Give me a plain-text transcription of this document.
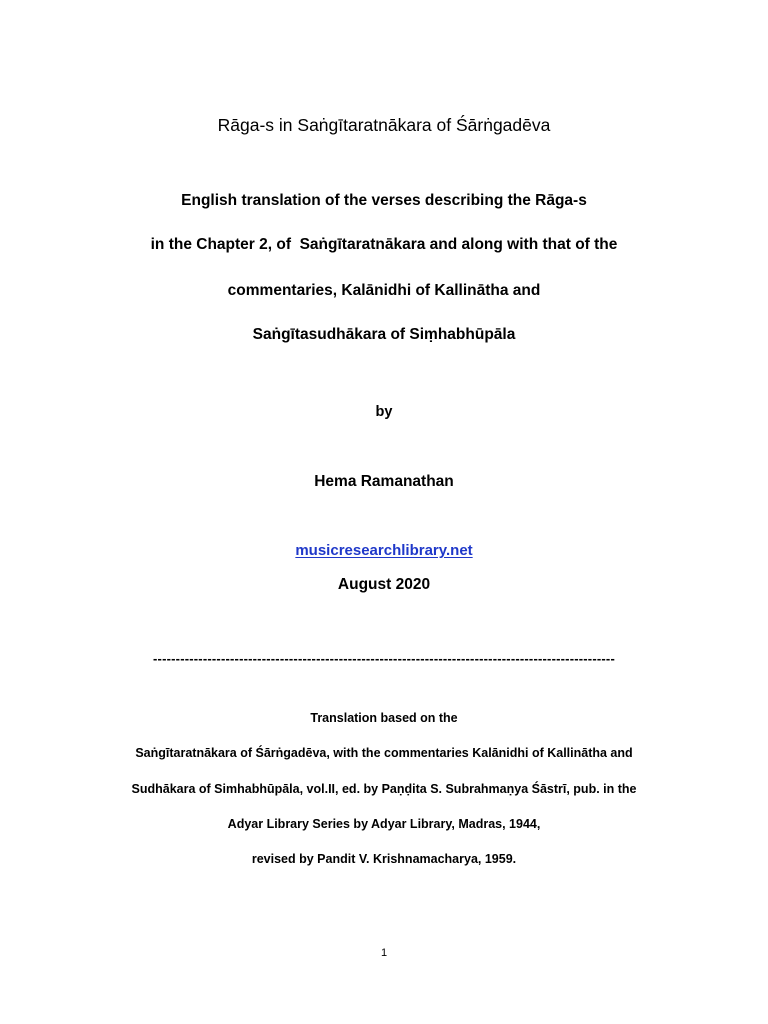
Rāga-s in Saṅgītaratnākara of Śārṅgadēva
English translation of the verses describing the Rāga-s
in the Chapter 2, of  Saṅgītaratnākara and along with that of the
commentaries, Kalānidhi of Kallinātha and
Saṅgītasudhākara of Siṃhabhūpāla
by
Hema Ramanathan
musicresearchlibrary.net
August 2020
------------------------------------------------------------------------------------------------------
Translation based on the
Saṅgītaratnākara of Śārṅgadēva, with the commentaries Kalānidhi of Kallinātha and
Sudhākara of Simhabhūpāla, vol.II, ed. by Paṇḍita S. Subrahmaṇya Śāstrī, pub. in the
Adyar Library Series by Adyar Library, Madras, 1944,
revised by Pandit V. Krishnamacharya, 1959.
1
